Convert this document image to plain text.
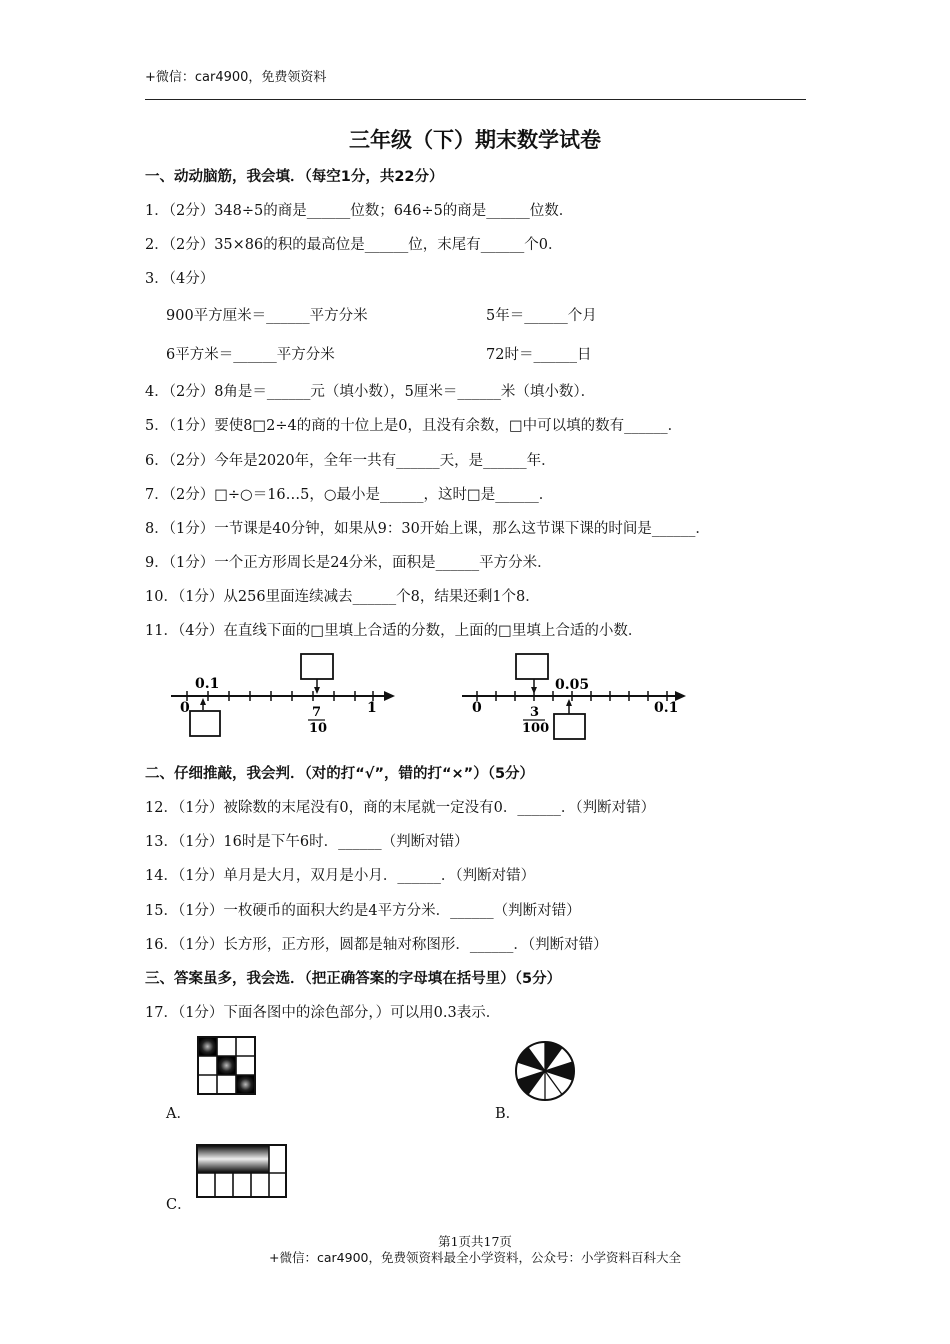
+微信：car4900，免费领资料
三年级（下）期末数学试卷
一、动动脑筋，我会填．（每空1分，共22分）
1．（2分）348÷5的商是______位数；646÷5的商是______位数．
2．（2分）35×86的积的最高位是______位，末尾有______个0．
3．（4分）
900平方厘米＝______平方分米	5年＝______个月
6平方米＝______平方分米	72时＝______日
4．（2分）8角是＝______元（填小数），5厘米＝______米（填小数）．
5．（1分）要使8□2÷4的商的十位上是0，且没有余数，□中可以填的数有______．
6．（2分）今年是2020年，全年一共有______天，是______年．
7．（2分）□÷○＝16…5，○最小是______，这时□是______．
8．（1分）一节课是40分钟，如果从9：30开始上课，那么这节课下课的时间是______．
9．（1分）一个正方形周长是24分米，面积是______平方分米．
10．（1分）从256里面连续减去______个8，结果还剩1个8．
11．（4分）在直线下面的□里填上合适的分数，上面的□里填上合适的小数．
0.1
0	1
7
10
0	0.1
0.05
3
100
二、仔细推敲，我会判．（对的打“√”，错的打“×”）（5分）
12．（1分）被除数的末尾没有0，商的末尾就一定没有0．______．（判断对错）
13．（1分）16时是下午6时．______（判断对错）
14．（1分）单月是大月，双月是小月．______．（判断对错）
15．（1分）一枚硬币的面积大约是4平方分米．______（判断对错）
16．（1分）长方形，正方形，圆都是轴对称图形．______．（判断对错）
三、答案虽多，我会选．（把正确答案的字母填在括号里）（5分）
17．（1分）下面各图中的涂色部分，）可以用0.3表示．
A．	B．
C．
第1页共17页
+微信：car4900，免费领资料最全小学资料，公众号：小学资料百科大全
